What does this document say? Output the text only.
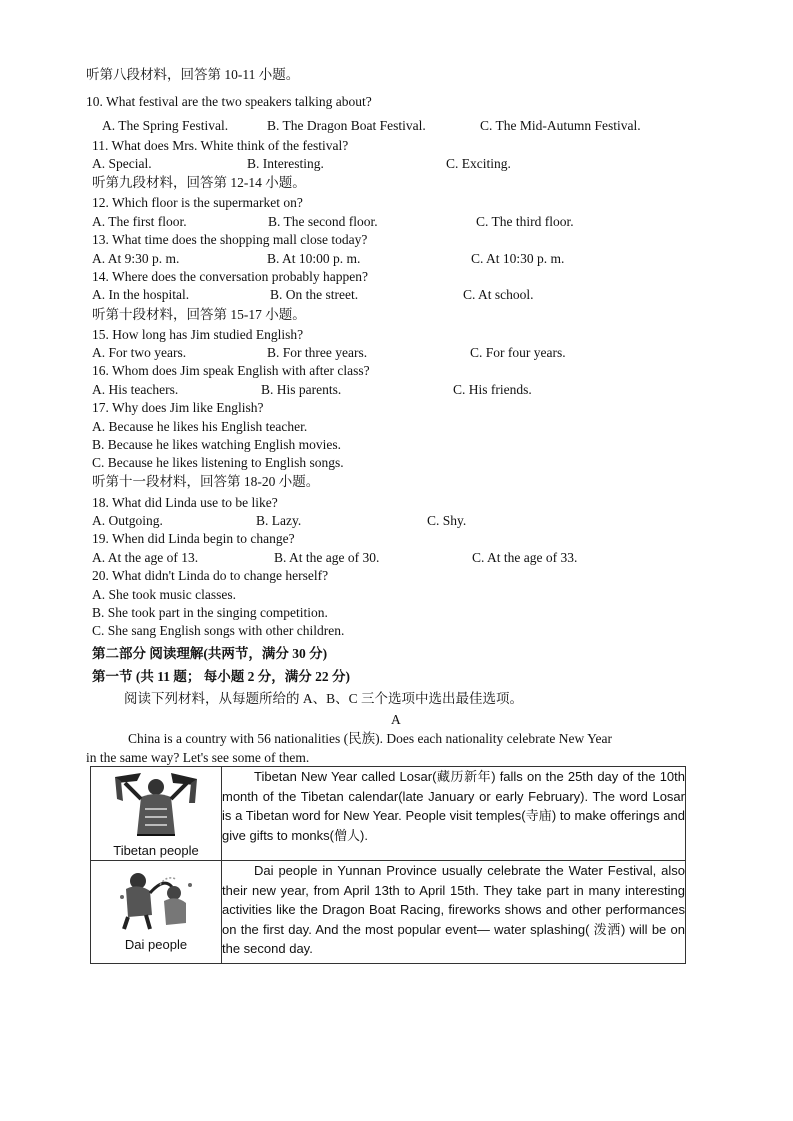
听第八段材料，回答第 10-11 小题。
10. What festival are the two speakers talking about?
A. The Spring Festival.	B. The Dragon Boat Festival.	C. The Mid-Autumn Festival.
11. What does Mrs. White think of the festival?
A. Special.	B. Interesting.	C. Exciting.
听第九段材料，回答第 12-14 小题。
12. Which floor is the supermarket on?
A. The first floor.	B. The second floor.	C. The third floor.
13. What time does the shopping mall close today?
A. At 9:30 p. m.	B. At 10:00 p. m.	C. At 10:30 p. m.
14. Where does the conversation probably happen?
A. In the hospital.	B. On the street.	C. At school.
听第十段材料，回答第 15-17 小题。
15. How long has Jim studied English?
A. For two years.	B. For three years.	C. For four years.
16. Whom does Jim speak English with after class?
A. His teachers.	B. His parents.	C. His friends.
17. Why does Jim like English?
A. Because he likes his English teacher.
B. Because he likes watching English movies.
C. Because he likes listening to English songs.
听第十一段材料，回答第 18-20 小题。
18. What did Linda use to be like?
A. Outgoing.	B. Lazy.	C. Shy.
19. When did Linda begin to change?
A. At the age of 13.	B. At the age of 30.	C. At the age of 33.
20. What didn't Linda do to change herself?
A. She took music classes.
B. She took part in the singing competition.
C. She sang English songs with other children.
第二部分 阅读理解(共两节，满分 30 分)
第一节 (共 11 题； 每小题 2 分，满分 22 分)
阅读下列材料，从每题所给的 A、B、C 三个选项中选出最佳选项。
A
China is a country with 56 nationalities (民族). Does each nationality celebrate New Year
in the same way? Let's see some of them.
Tibetan people	Tibetan New Year called Losar(藏历新年) falls on the 25th day of the 10th month of the Tibetan calendar(late January or early February). The word Losar is a Tibetan word for New Year. People visit temples(寺庙) to make offerings and give gifts to monks(僧人).

Dai people	Dai people in Yunnan Province usually celebrate the Water Festival, also their new year, from April 13th to April 15th. They take part in many interesting activities like the Dragon Boat Racing, fireworks shows and other performances on the first day. And the most popular event— water splashing( 泼洒) will be on the second day.
